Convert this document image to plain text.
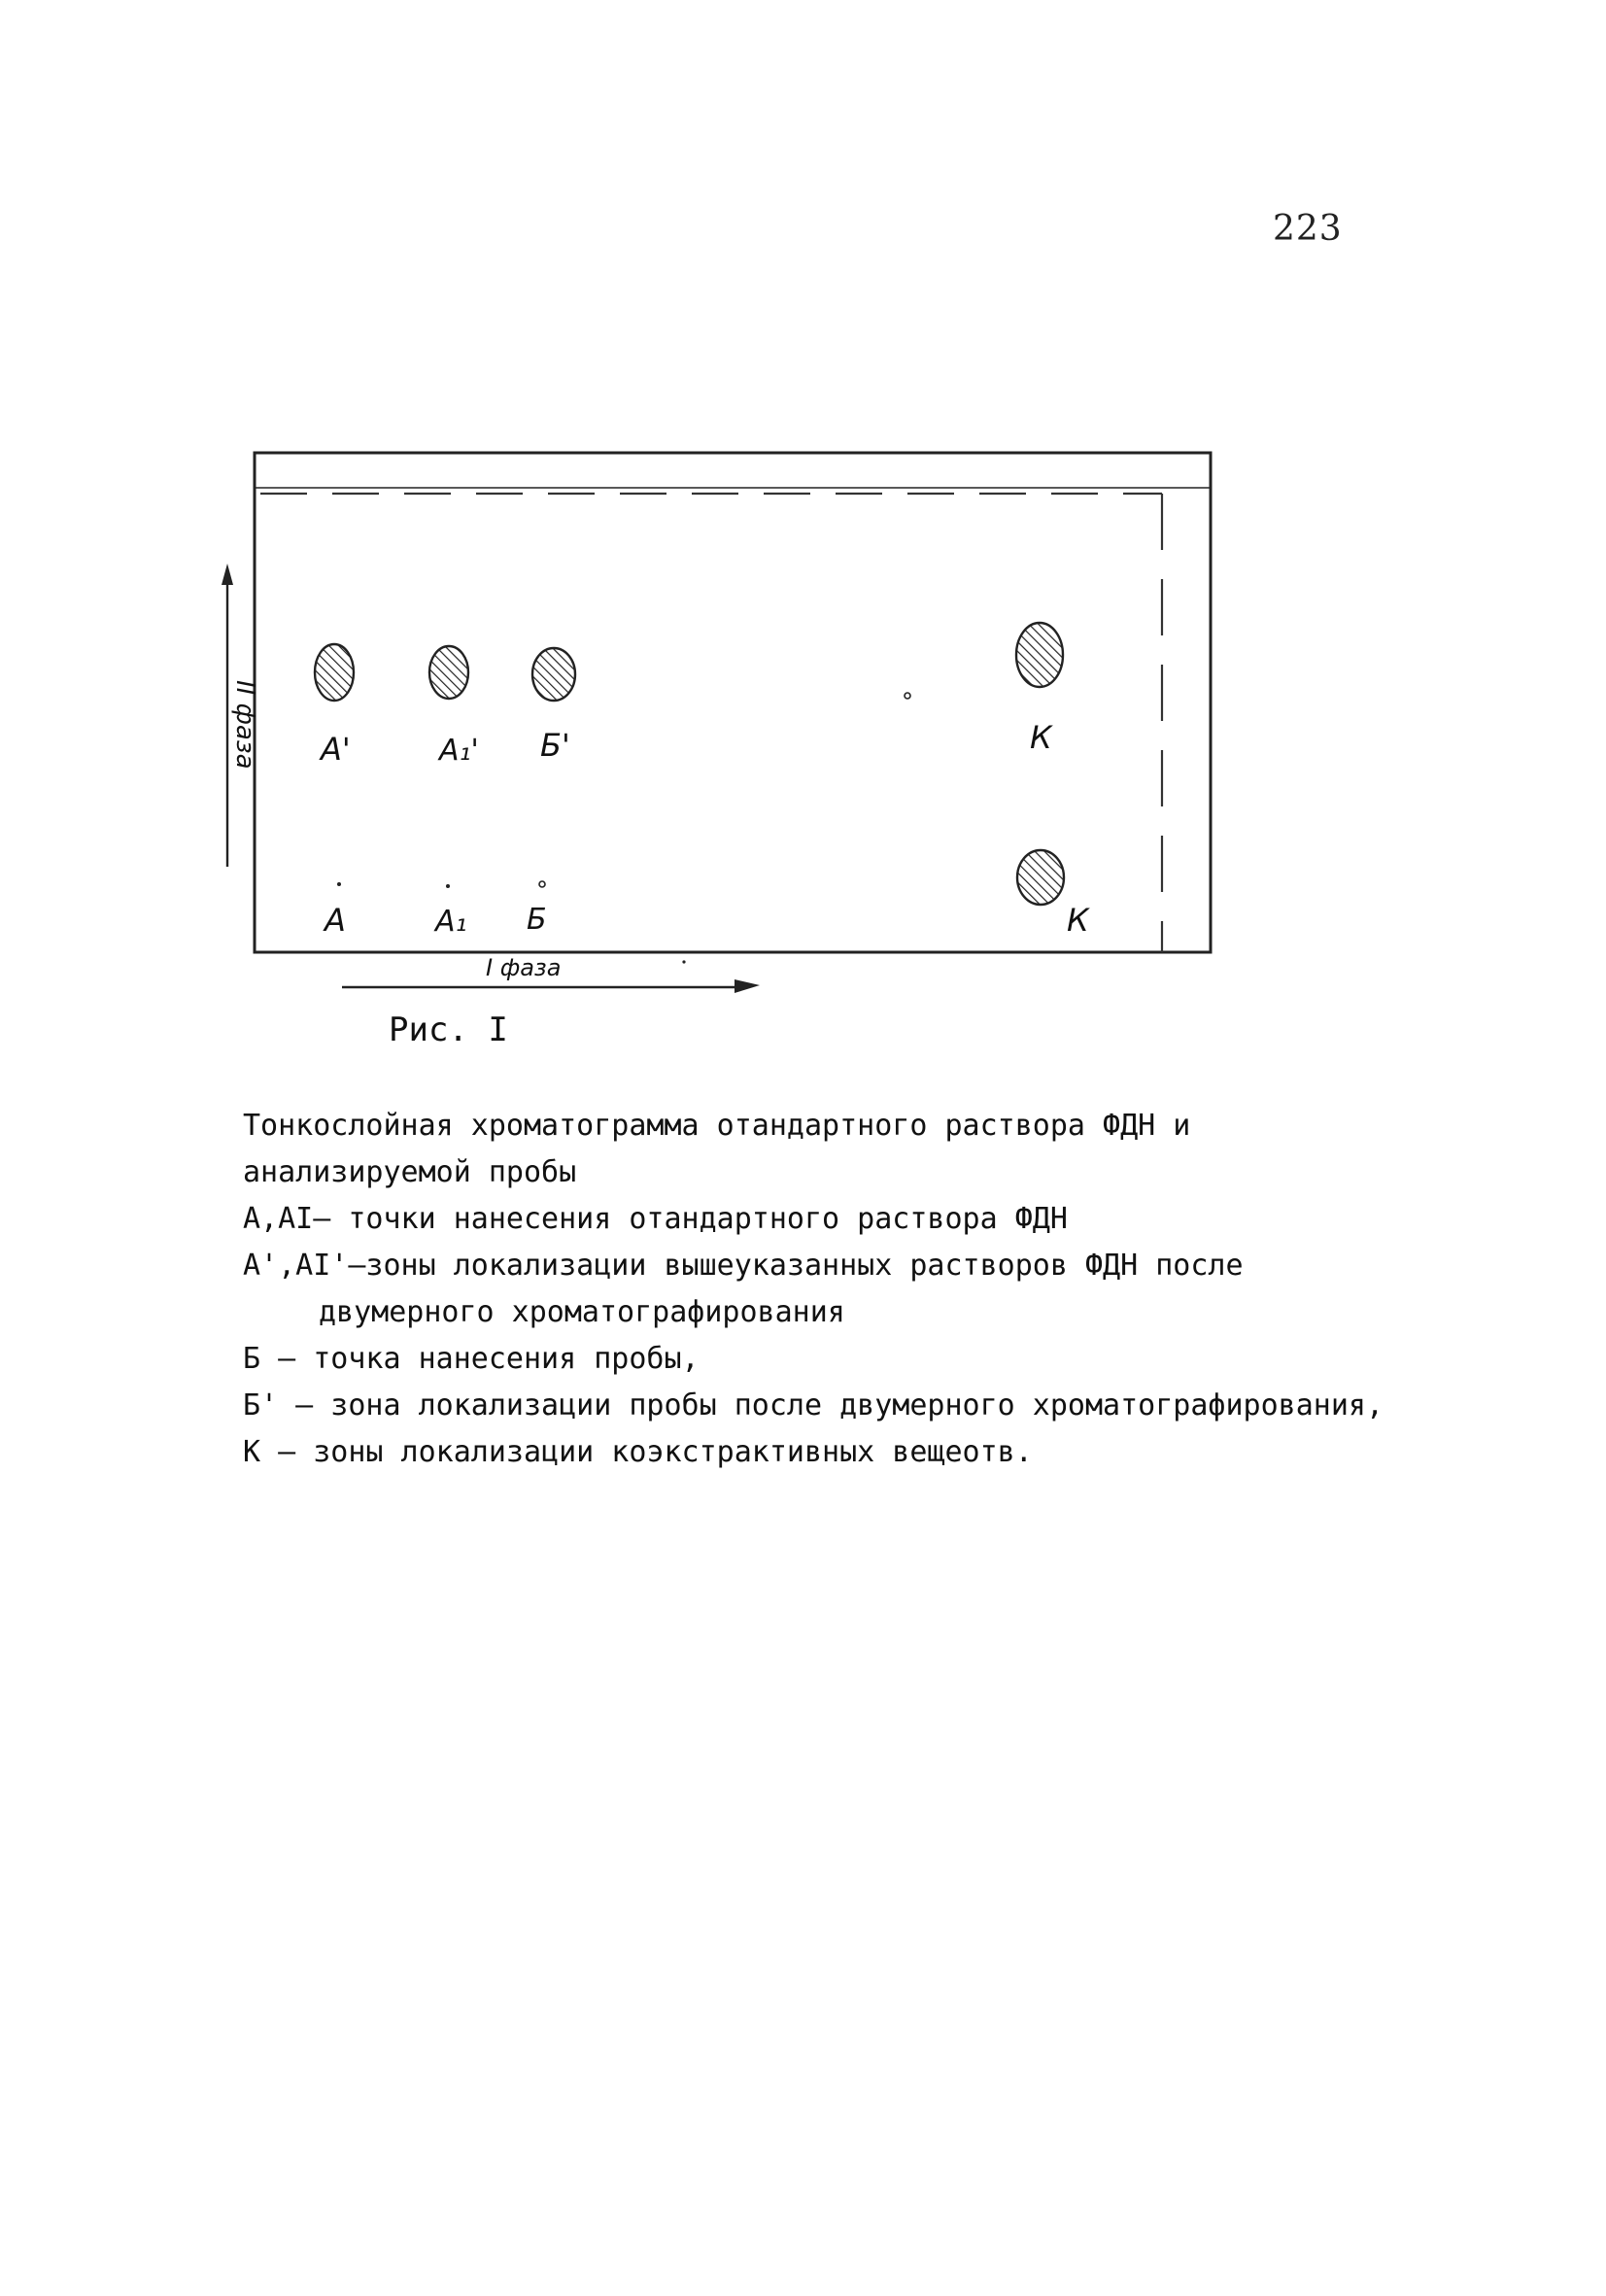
223
II фаза
I фаза
А'	А₁' Б'	К
К
А	А₁ Б
Рис. I
Тонкослойная хроматограмма отандартного раствора ФДН и
анализируемой пробы
А,АI– точки нанесения отандартного раствора ФДН
А',АI'–зоны локализации вышеуказанных растворов ФДН после
двумерного хроматографирования
Б – точка нанесения пробы,
Б' – зона локализации пробы после двумерного хроматографирования,
К – зоны локализации коэкстрактивных вещеотв.
